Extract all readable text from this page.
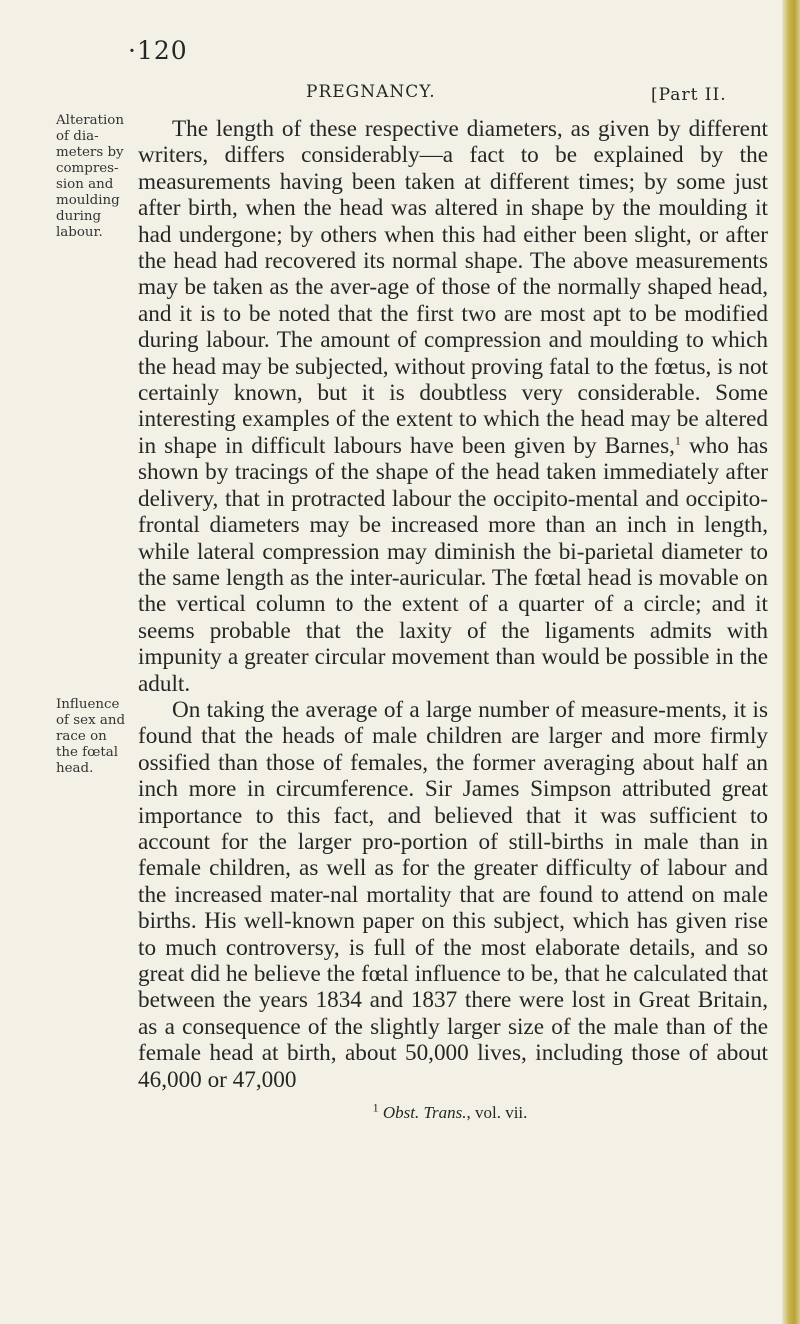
·120
PREGNANCY.	[Part II.
Alteration of dia-meters by compres-sion and moulding during labour.
Influence of sex and race on the fœtal head.

The length of these respective diameters, as given by different writers, differs considerably—a fact to be explained by the measurements having been taken at different times; by some just after birth, when the head was altered in shape by the moulding it had undergone; by others when this had either been slight, or after the head had recovered its normal shape. The above measurements may be taken as the aver-age of those of the normally shaped head, and it is to be noted that the first two are most apt to be modified during labour. The amount of compression and moulding to which the head may be subjected, without proving fatal to the fœtus, is not certainly known, but it is doubtless very considerable. Some interesting examples of the extent to which the head may be altered in shape in difficult labours have been given by Barnes,$^1$ who has shown by tracings of the shape of the head taken immediately after delivery, that in protracted labour the occipito-mental and occipito-frontal diameters may be increased more than an inch in length, while lateral compression may diminish the bi-parietal diameter to the same length as the inter-auricular. The fœtal head is movable on the vertical column to the extent of a quarter of a circle; and it seems probable that the laxity of the ligaments admits with impunity a greater circular movement than would be possible in the adult.

On taking the average of a large number of measure-ments, it is found that the heads of male children are larger and more firmly ossified than those of females, the former averaging about half an inch more in circumference. Sir James Simpson attributed great importance to this fact, and believed that it was sufficient to account for the larger pro-portion of still-births in male than in female children, as well as for the greater difficulty of labour and the increased mater-nal mortality that are found to attend on male births. His well-known paper on this subject, which has given rise to much controversy, is full of the most elaborate details, and so great did he believe the fœtal influence to be, that he calculated that between the years 1834 and 1837 there were lost in Great Britain, as a consequence of the slightly larger size of the male than of the female head at birth, about 50,000 lives, including those of about 46,000 or 47,000

$^1$ Obst. Trans., vol. vii.
